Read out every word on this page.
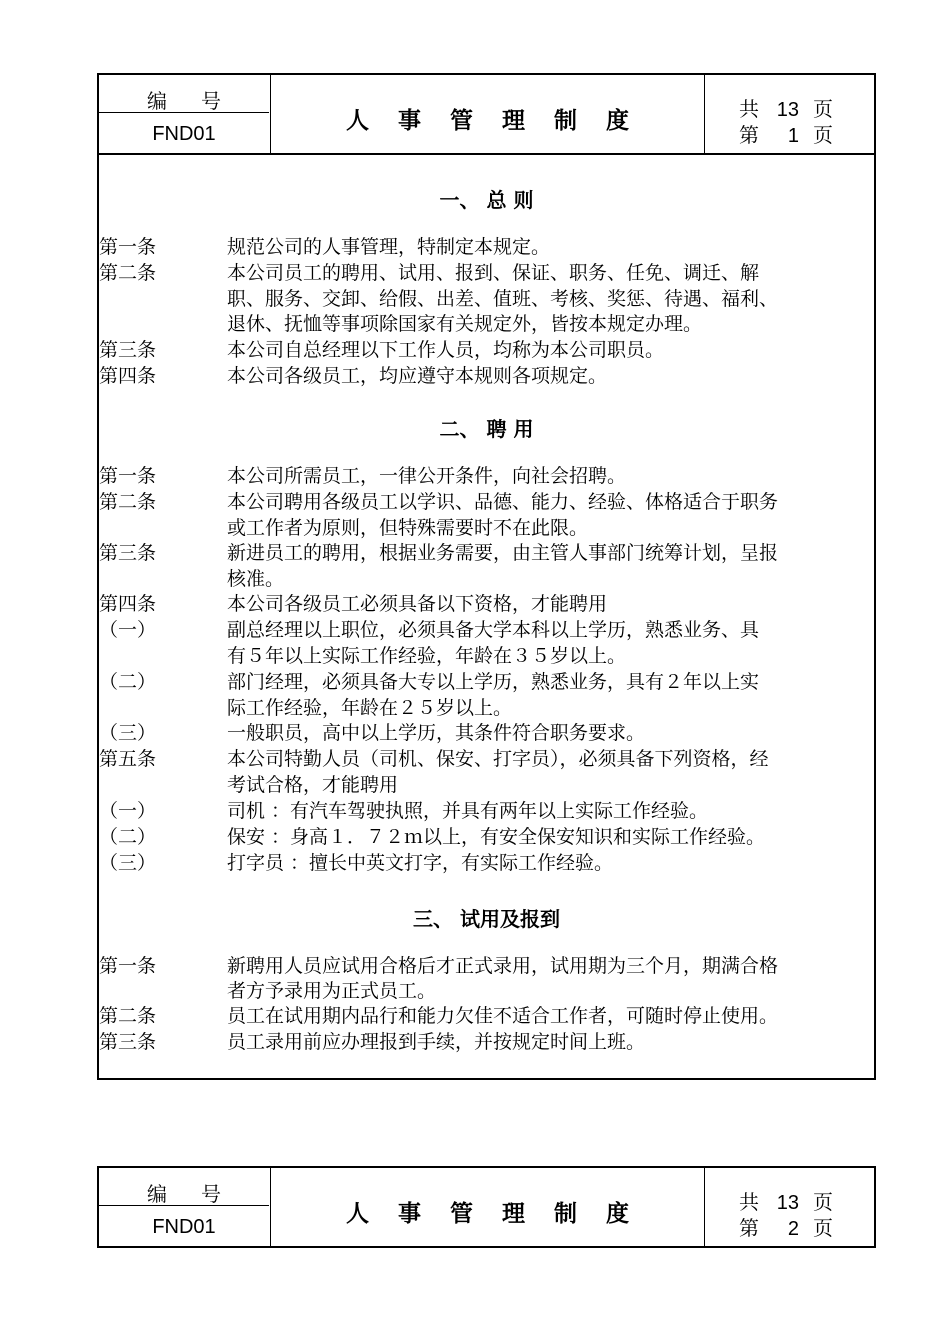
编号
FND01	人事管理制度	共 13 页
第 1 页
一、 总 则
二、 聘 用
三、 试用及报到
第一条	规范公司的人事管理，特制定本规定。
第二条	本公司员工的聘用、试用、报到、保证、职务、任免、调迁、解
职、服务、交卸、给假、出差、值班、考核、奖惩、待遇、福利、
退休、抚恤等事项除国家有关规定外，皆按本规定办理。
第三条	本公司自总经理以下工作人员，均称为本公司职员。
第四条	本公司各级员工，均应遵守本规则各项规定。
第一条	本公司所需员工，一律公开条件，向社会招聘。
第二条	本公司聘用各级员工以学识、品德、能力、经验、体格适合于职务
或工作者为原则，但特殊需要时不在此限。
第三条	新进员工的聘用，根据业务需要，由主管人事部门统筹计划，呈报
核准。
第四条	本公司各级员工必须具备以下资格，才能聘用
（一）	副总经理以上职位，必须具备大学本科以上学历，熟悉业务、具
有５年以上实际工作经验，年龄在３５岁以上。
（二）	部门经理，必须具备大专以上学历，熟悉业务，具有２年以上实
际工作经验，年龄在２５岁以上。
（三）	一般职员，高中以上学历，其条件符合职务要求。
第五条	本公司特勤人员（司机、保安、打字员），必须具备下列资格，经
考试合格，才能聘用
（一）	司机 ：有汽车驾驶执照，并具有两年以上实际工作经验。
（二）	保安 ：身高１．７２ｍ以上，有安全保安知识和实际工作经验。
（三）	打字员 ：擅长中英文打字，有实际工作经验。
第一条	新聘用人员应试用合格后才正式录用，试用期为三个月，期满合格
者方予录用为正式员工。
第二条	员工在试用期内品行和能力欠佳不适合工作者，可随时停止使用。
第三条	员工录用前应办理报到手续，并按规定时间上班。
编号
FND01	人事管理制度	共 13 页
第 2 页
